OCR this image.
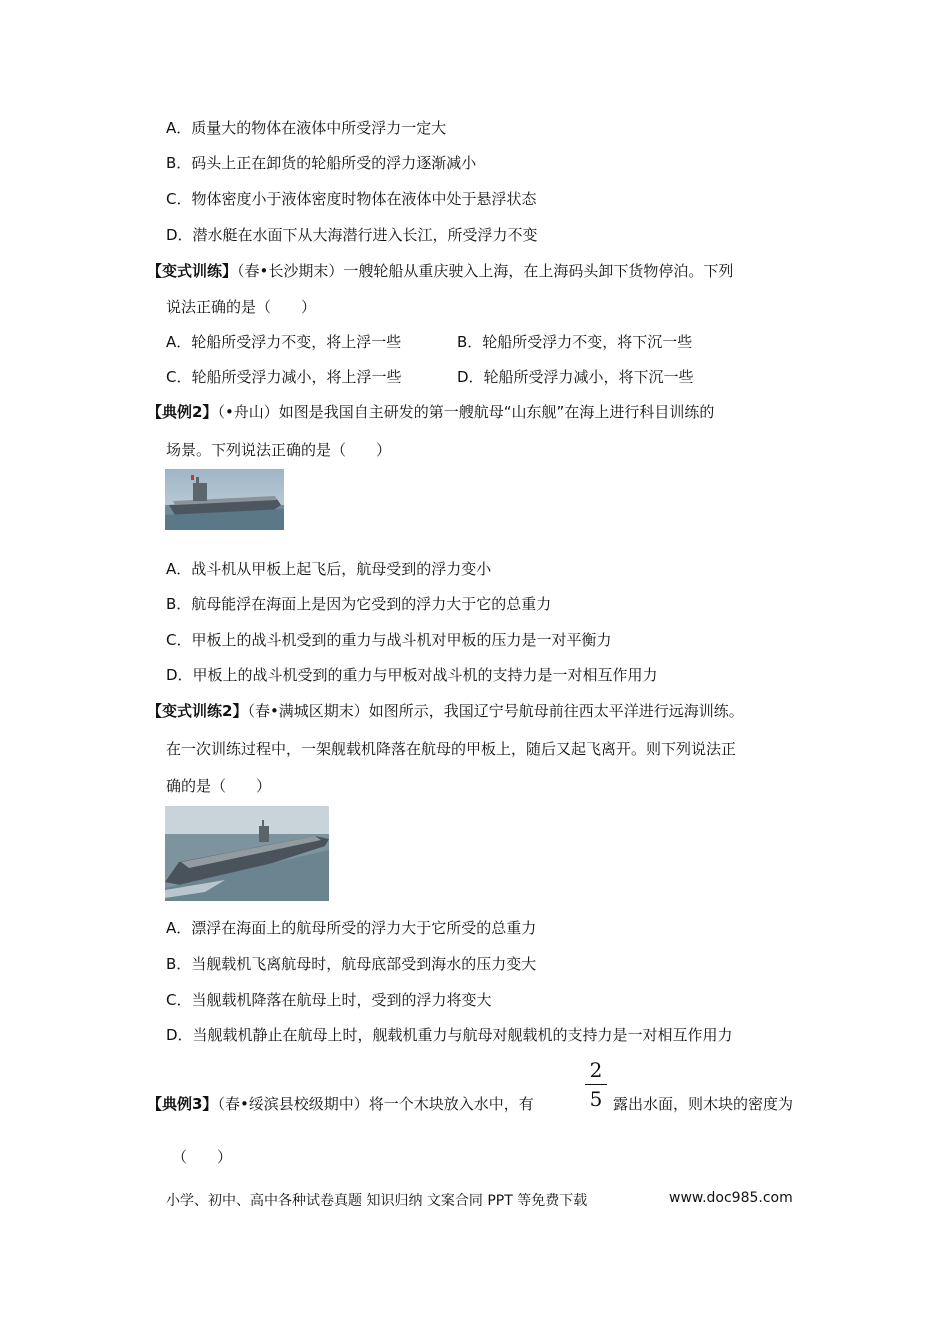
A．质量大的物体在液体中所受浮力一定大
B．码头上正在卸货的轮船所受的浮力逐渐减小
C．物体密度小于液体密度时物体在液体中处于悬浮状态
D．潜水艇在水面下从大海潜行进入长江，所受浮力不变
【变式训练】（春•长沙期末）一艘轮船从重庆驶入上海，在上海码头卸下货物停泊。下列
说法正确的是（　　）
A．轮船所受浮力不变，将上浮一些	B．轮船所受浮力不变，将下沉一些
C．轮船所受浮力减小，将上浮一些	D．轮船所受浮力减小，将下沉一些
【典例2】（•舟山）如图是我国自主研发的第一艘航母“山东舰”在海上进行科目训练的
场景。下列说法正确的是（　　）
A．战斗机从甲板上起飞后，航母受到的浮力变小
B．航母能浮在海面上是因为它受到的浮力大于它的总重力
C．甲板上的战斗机受到的重力与战斗机对甲板的压力是一对平衡力
D．甲板上的战斗机受到的重力与甲板对战斗机的支持力是一对相互作用力
【变式训练2】（春•满城区期末）如图所示，我国辽宁号航母前往西太平洋进行远海训练。
在一次训练过程中，一架舰载机降落在航母的甲板上，随后又起飞离开。则下列说法正
确的是（　　）
A．漂浮在海面上的航母所受的浮力大于它所受的总重力
B．当舰载机飞离航母时，航母底部受到海水的压力变大
C．当舰载机降落在航母上时，受到的浮力将变大
D．当舰载机静止在航母上时，舰载机重力与航母对舰载机的支持力是一对相互作用力
【典例3】（春•绥滨县校级期中）将一个木块放入水中，有
2
5 露出水面，则木块的密度为
（　　）
小学、初中、高中各种试卷真题 知识归纳 文案合同 PPT 等免费下载	www.doc985.com
